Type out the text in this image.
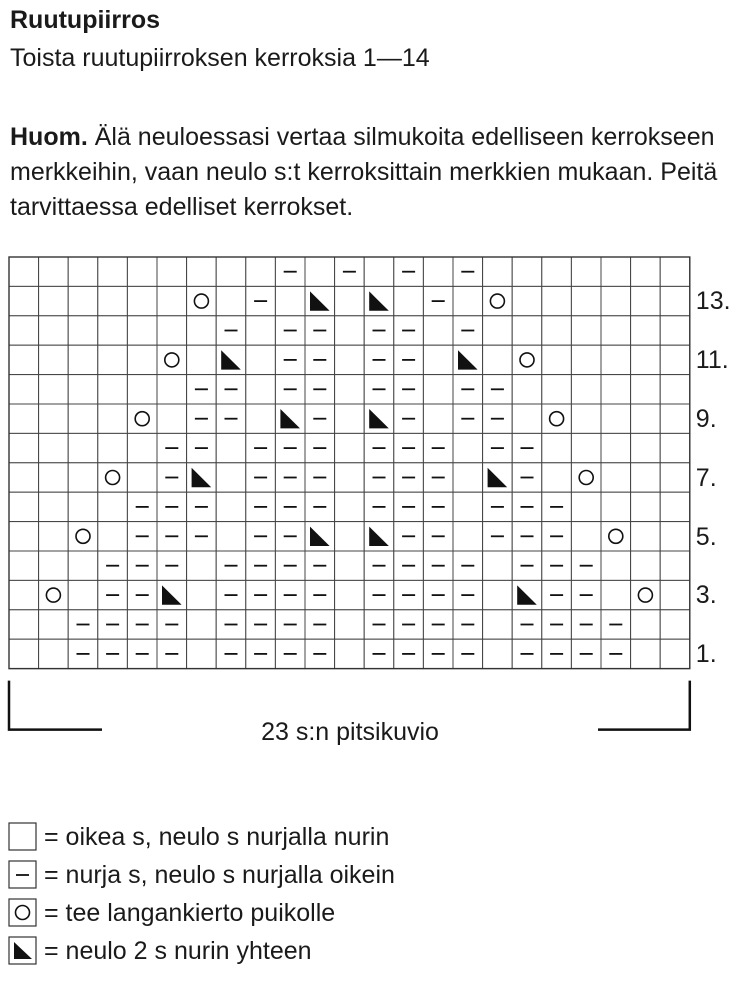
Ruutupiirros
Toista ruutupiirroksen kerroksia 1—14
Huom. Älä neuloessasi vertaa silmukoita edelliseen kerrokseen merkkeihin, vaan neulo s:t kerroksittain merkkien mukaan. Peitä tarvittaessa edelliset kerrokset.
13.
11.
9.
7.
5.
3.
1.
23 s:n pitsikuvio
= oikea s, neulo s nurjalla nurin
= nurja s, neulo s nurjalla oikein
= tee langankierto puikolle
= neulo 2 s nurin yhteen
